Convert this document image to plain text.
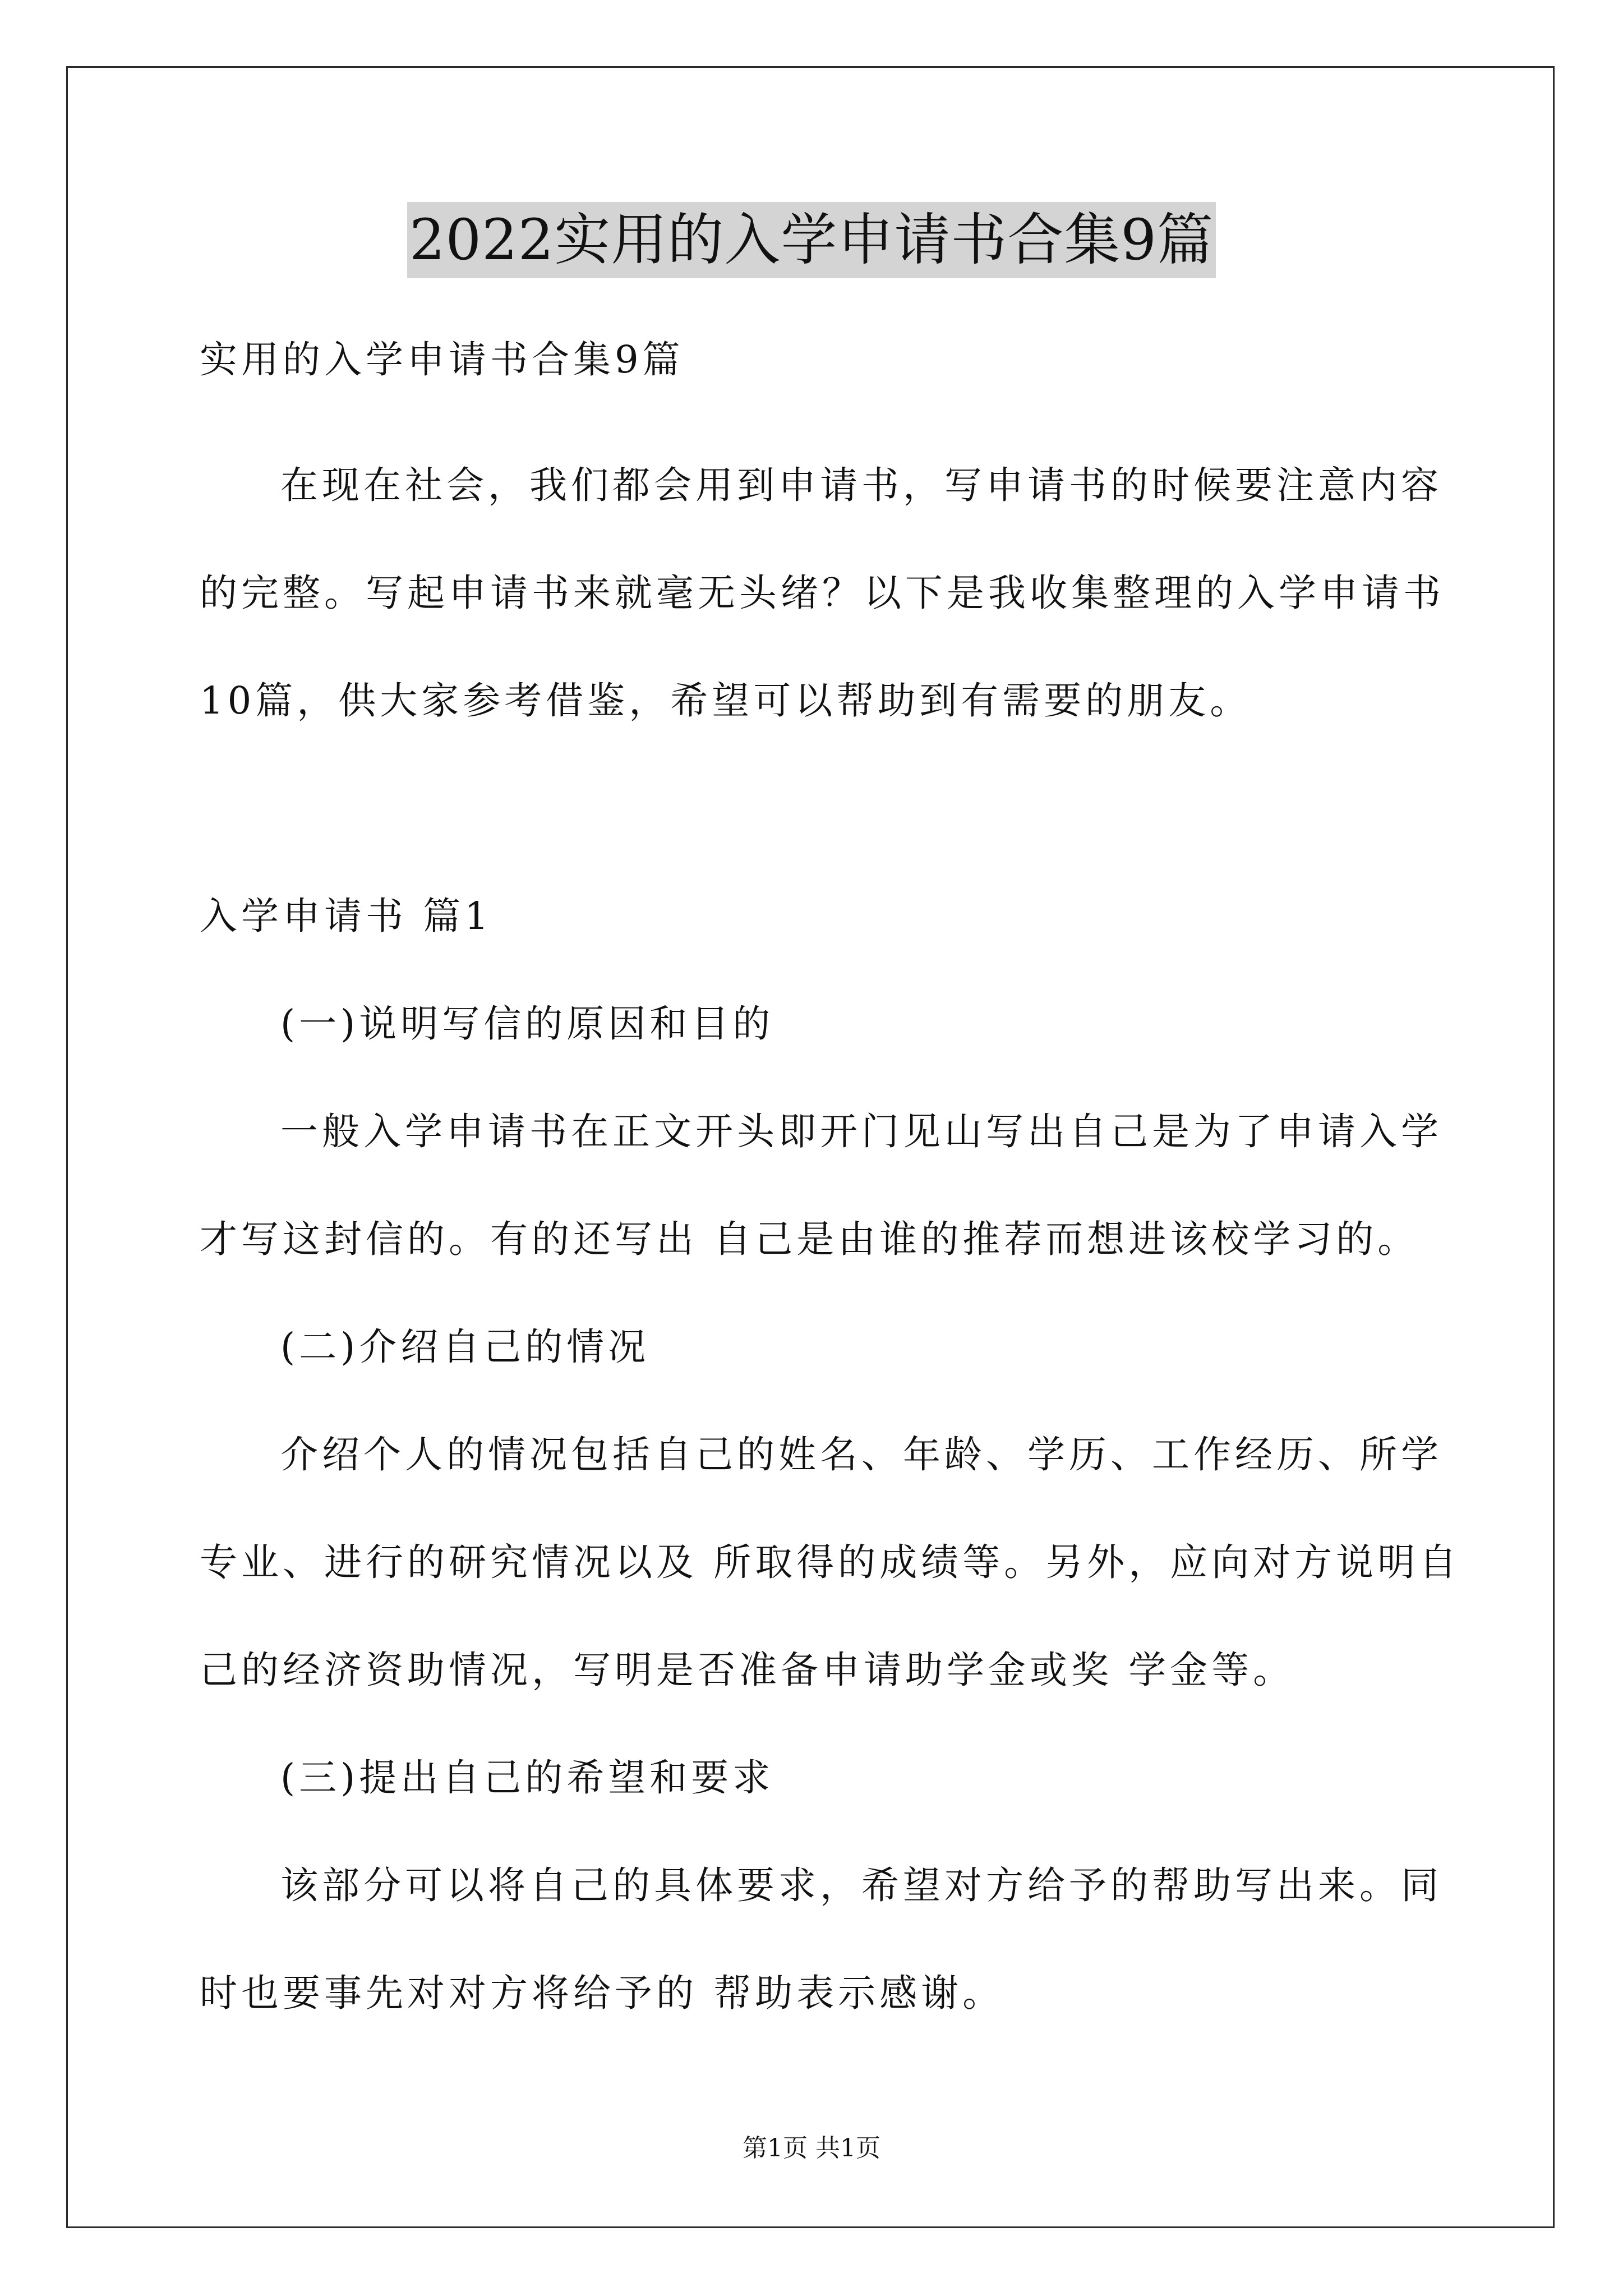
2022实用的入学申请书合集9篇
实用的入学申请书合集9篇
在现在社会，我们都会用到申请书，写申请书的时候要注意内容
的完整。写起申请书来就毫无头绪？以下是我收集整理的入学申请书
10篇，供大家参考借鉴，希望可以帮助到有需要的朋友。
入学申请书 篇1
(一)说明写信的原因和目的
一般入学申请书在正文开头即开门见山写出自己是为了申请入学
才写这封信的。有的还写出 自己是由谁的推荐而想进该校学习的。
(二)介绍自己的情况
介绍个人的情况包括自己的姓名、年龄、学历、工作经历、所学
专业、进行的研究情况以及 所取得的成绩等。另外，应向对方说明自
己的经济资助情况，写明是否准备申请助学金或奖 学金等。
(三)提出自己的希望和要求
该部分可以将自己的具体要求，希望对方给予的帮助写出来。同
时也要事先对对方将给予的 帮助表示感谢。
第1页 共1页
